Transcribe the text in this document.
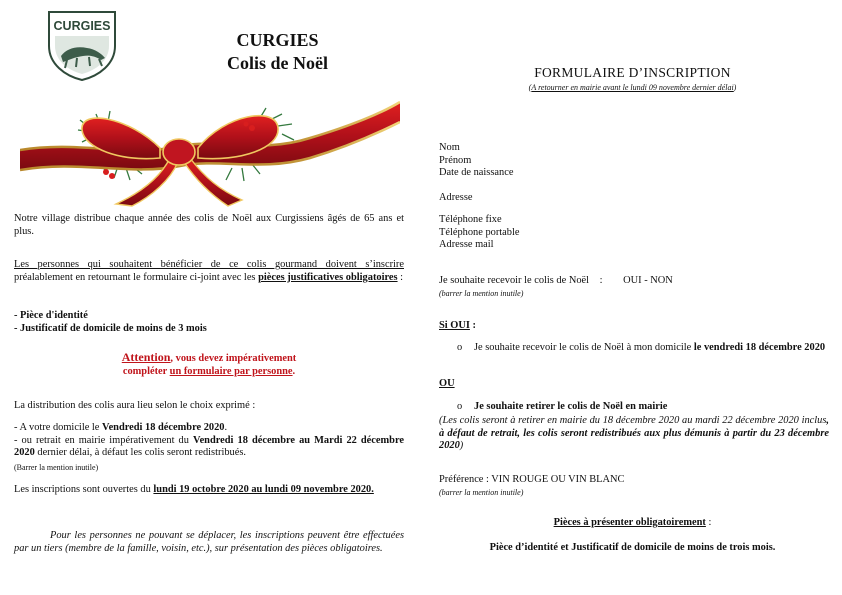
CURGIES
CURGIES
Colis de Noël
Notre village distribue chaque année des colis de Noël aux Curgissiens âgés de 65 ans et plus.
Les personnes qui souhaitent bénéficier de ce colis gourmand doivent s’inscrire préalablement en retournant le formulaire ci-joint avec les pièces justificatives obligatoires :
- Pièce d'identité
- Justificatif de domicile de moins de 3 mois
Attention, vous devez impérativement
compléter un formulaire par personne.
La distribution des colis aura lieu selon le choix exprimé :
- A votre domicile le Vendredi 18 décembre 2020.
- ou retrait en mairie impérativement du Vendredi 18 décembre au Mardi 22 décembre 2020 dernier délai, à défaut les colis seront redistribués.
(Barrer la mention inutile)
Les inscriptions sont ouvertes du lundi 19 octobre 2020 au lundi 09 novembre 2020.
Pour les personnes ne pouvant se déplacer, les inscriptions peuvent être effectuées par un tiers (membre de la famille, voisin, etc.), sur présentation des pièces obligatoires.
FORMULAIRE D’INSCRIPTION
(A retourner en mairie avant le lundi 09 novembre dernier délai)
Nom
Prénom
Date de naissance
Adresse
Téléphone fixe
Téléphone portable
Adresse mail
Je souhaite recevoir le colis de Noël : OUI - NON
(barrer la mention inutile)
Si OUI :
o Je souhaite recevoir le colis de Noël à mon domicile le vendredi 18 décembre 2020
OU
o Je souhaite retirer le colis de Noël en mairie
(Les colis seront à retirer en mairie du 18 décembre 2020 au mardi 22 décembre 2020 inclus, à défaut de retrait, les colis seront redistribués aux plus démunis à partir du 23 décembre 2020)
Préférence : VIN ROUGE OU VIN BLANC
(barrer la mention inutile)
Pièces à présenter obligatoirement :
Pièce d’identité et Justificatif de domicile de moins de trois mois.
